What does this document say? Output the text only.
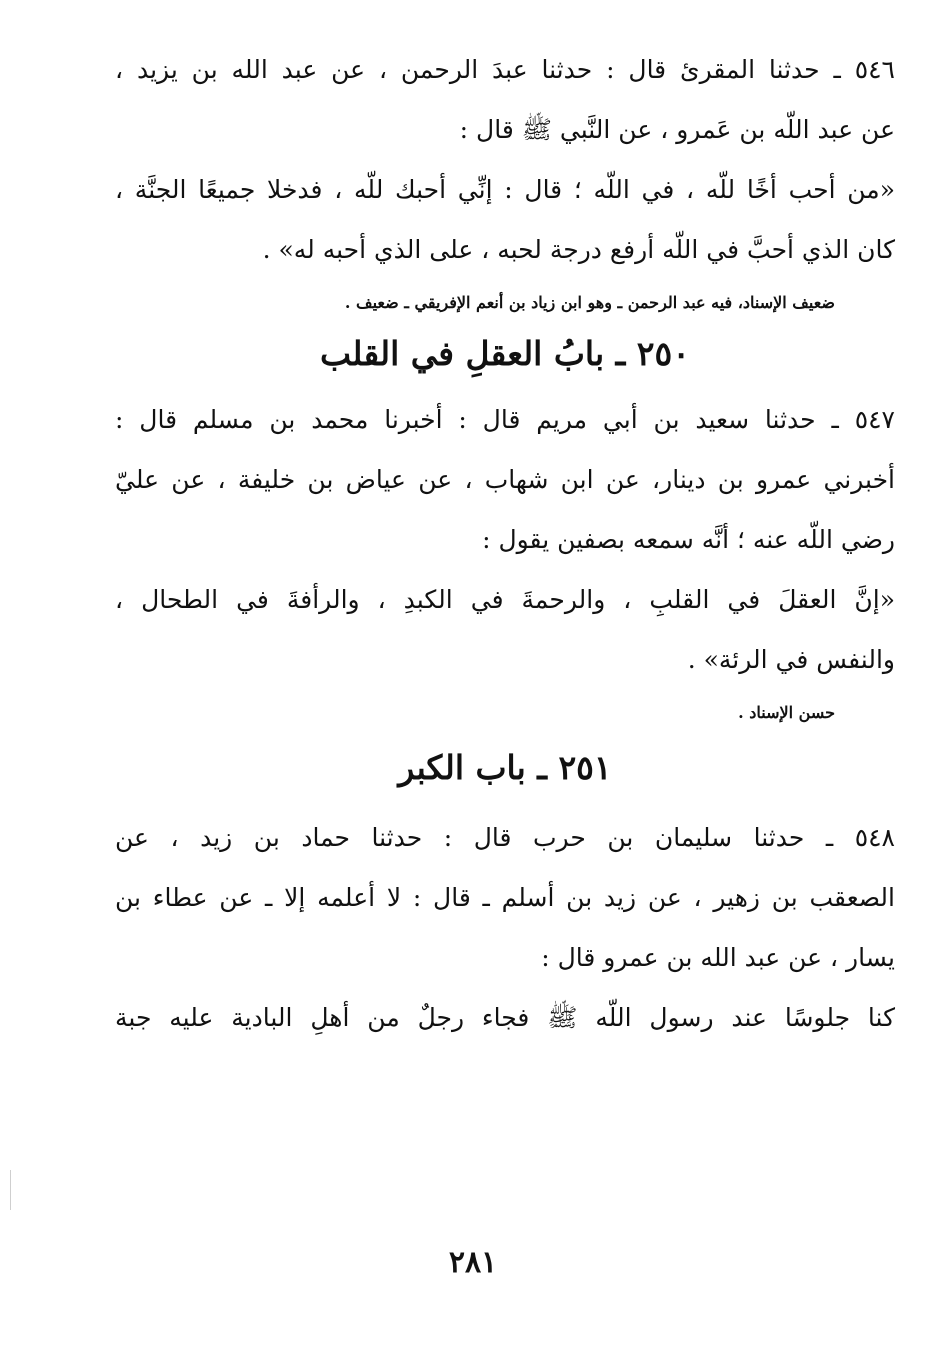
٥٤٦ ـ حدثنا المقرئ قال : حدثنا عبدَ الرحمن ، عن عبد الله بن يزيد ،
عن عبد اللّه بن عَمرو ، عن النَّبي ﷺ قال :
«من أحب أخًا للّه ، في اللّه ؛ قال : إنِّي أحبك للّه ، فدخلا جميعًا الجنَّة ،
كان الذي أحبَّ في اللّه أرفع درجة لحبه ، على الذي أحبه له» .
ضعيف الإسناد، فيه عبد الرحمن ـ وهو ابن زياد بن أنعم الإفريقي ـ ضعيف .
٢٥٠ ـ بابُ العقلِ في القلب
٥٤٧ ـ حدثنا سعيد بن أبي مريم قال : أخبرنا محمد بن مسلم قال :
أخبرني عمرو بن دينار، عن ابن شهاب ، عن عياض بن خليفة ، عن عليّ
رضي اللّه عنه ؛ أنَّه سمعه بصفين يقول :
«إنَّ العقلَ في القلبِ ، والرحمةَ في الكبدِ ، والرأفةَ في الطحال ،
والنفس في الرئة» .
حسن الإسناد .
٢٥١ ـ باب الكبر
٥٤٨ ـ حدثنا سليمان بن حرب قال : حدثنا حماد بن زيد ، عن
الصعقب بن زهير ، عن زيد بن أسلم ـ قال : لا أعلمه إلا ـ عن عطاء بن
يسار ، عن عبد الله بن عمرو قال :
كنا جلوسًا عند رسول اللّه ﷺ فجاء رجلٌ من أهلِ البادية عليه جبة
٢٨١
